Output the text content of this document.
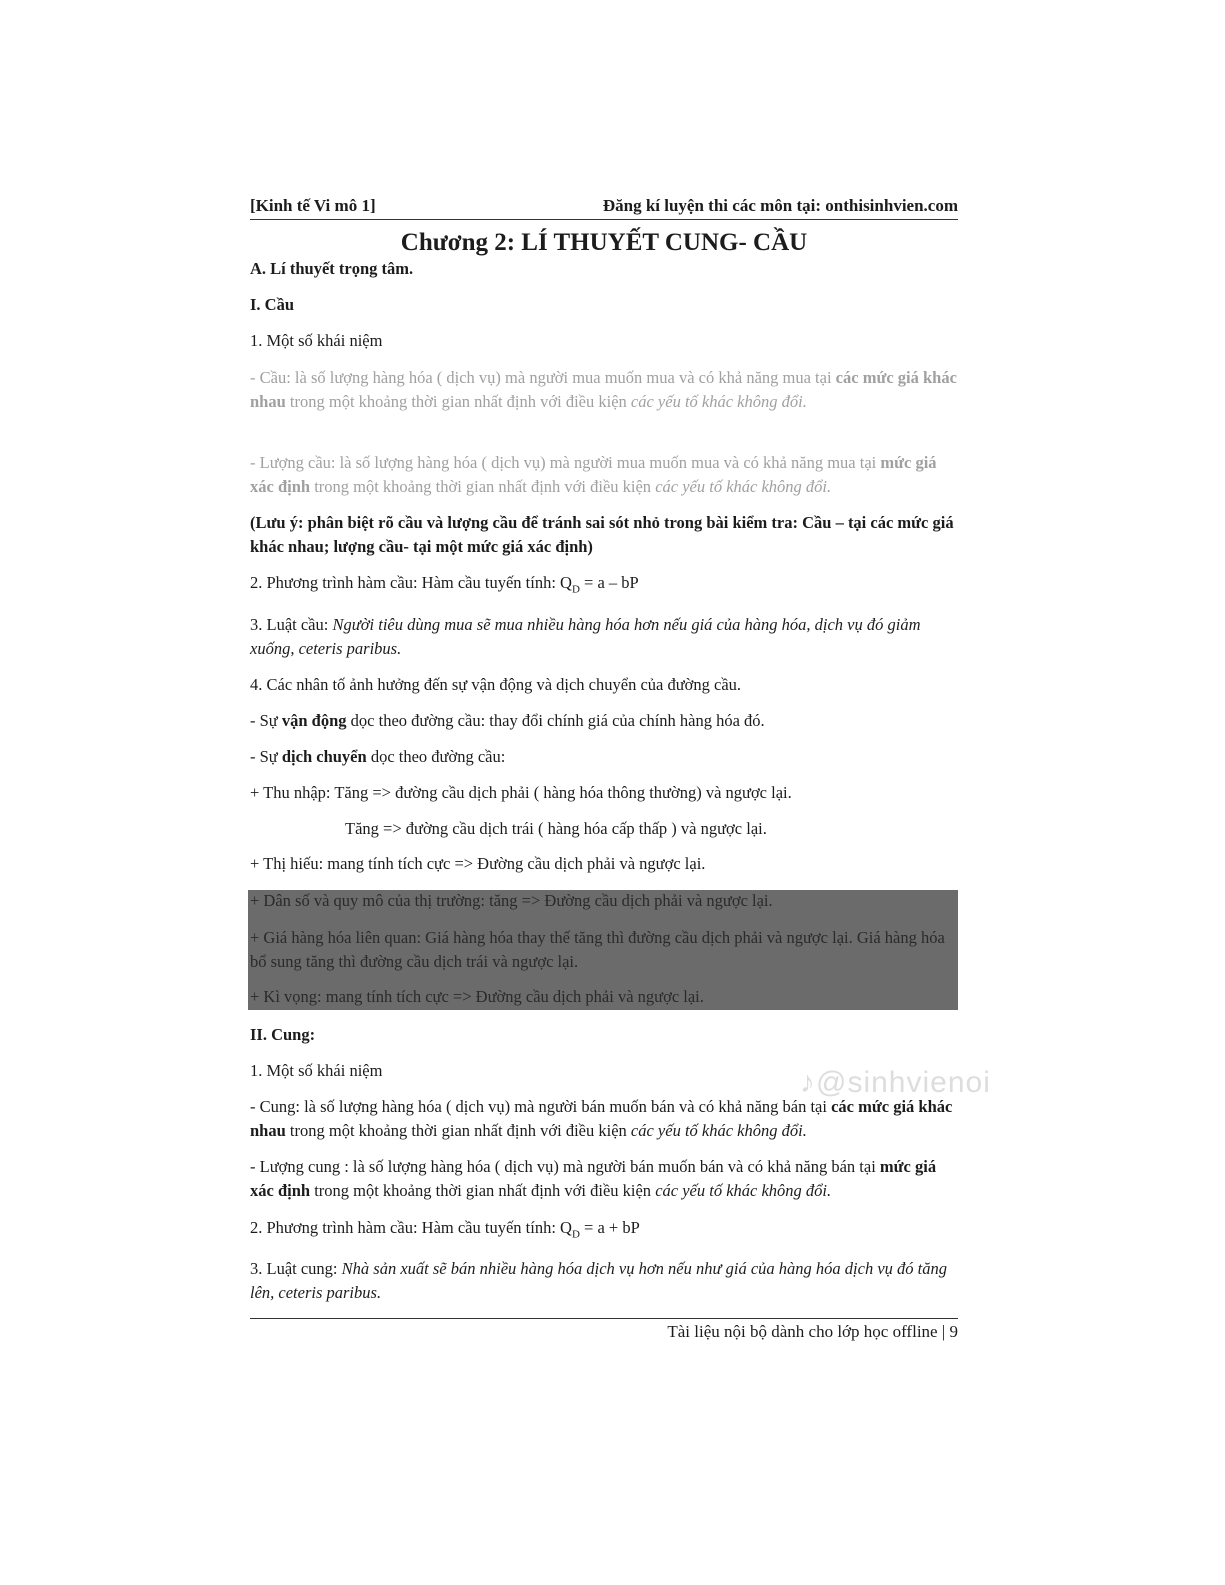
[Kinh tế Vi mô 1]	Đăng kí luyện thi các môn tại: onthisinhvien.com
Chương 2: LÍ THUYẾT CUNG- CẦU
A. Lí thuyết trọng tâm.
I. Cầu
1. Một số khái niệm
- Cầu: là số lượng hàng hóa ( dịch vụ) mà người mua muốn mua và có khả năng mua tại các mức giá khác nhau trong một khoảng thời gian nhất định với điều kiện các yếu tố khác không đổi.
- Lượng cầu: là số lượng hàng hóa ( dịch vụ) mà người mua muốn mua và có khả năng mua tại mức giá xác định trong một khoảng thời gian nhất định với điều kiện các yếu tố khác không đổi.
(Lưu ý: phân biệt rõ cầu và lượng cầu để tránh sai sót nhỏ trong bài kiểm tra: Cầu – tại các mức giá khác nhau; lượng cầu- tại một mức giá xác định)
2. Phương trình hàm cầu: Hàm cầu tuyến tính: $Q_D = a$ – bP
3. Luật cầu: Người tiêu dùng mua sẽ mua nhiều hàng hóa hơn nếu giá của hàng hóa, dịch vụ đó giảm xuống, ceteris paribus.
4. Các nhân tố ảnh hưởng đến sự vận động và dịch chuyển của đường cầu.
- Sự vận động dọc theo đường cầu: thay đổi chính giá của chính hàng hóa đó.
- Sự dịch chuyển dọc theo đường cầu:
+ Thu nhập: Tăng => đường cầu dịch phải ( hàng hóa thông thường) và ngược lại.
Tăng => đường cầu dịch trái ( hàng hóa cấp thấp ) và ngược lại.
+ Thị hiếu: mang tính tích cực => Đường cầu dịch phải và ngược lại.
+ Dân số và quy mô của thị trường: tăng => Đường cầu dịch phải và ngược lại.
+ Giá hàng hóa liên quan: Giá hàng hóa thay thế tăng thì đường cầu dịch phải và ngược lại. Giá hàng hóa bổ sung tăng thì đường cầu dịch trái và ngược lại.
+ Kì vọng: mang tính tích cực => Đường cầu dịch phải và ngược lại.
II. Cung:
1. Một số khái niệm
- Cung: là số lượng hàng hóa ( dịch vụ) mà người bán muốn bán và có khả năng bán tại các mức giá khác nhau trong một khoảng thời gian nhất định với điều kiện các yếu tố khác không đổi.
- Lượng cung : là số lượng hàng hóa ( dịch vụ) mà người bán muốn bán và có khả năng bán tại mức giá xác định trong một khoảng thời gian nhất định với điều kiện các yếu tố khác không đổi.
2. Phương trình hàm cầu: Hàm cầu tuyến tính: $Q_D = a$ + bP
3. Luật cung: Nhà sản xuất sẽ bán nhiều hàng hóa dịch vụ hơn nếu như giá của hàng hóa dịch vụ đó tăng lên, ceteris paribus.
♪@sinhvienoi
Tài liệu nội bộ dành cho lớp học offline | 9
